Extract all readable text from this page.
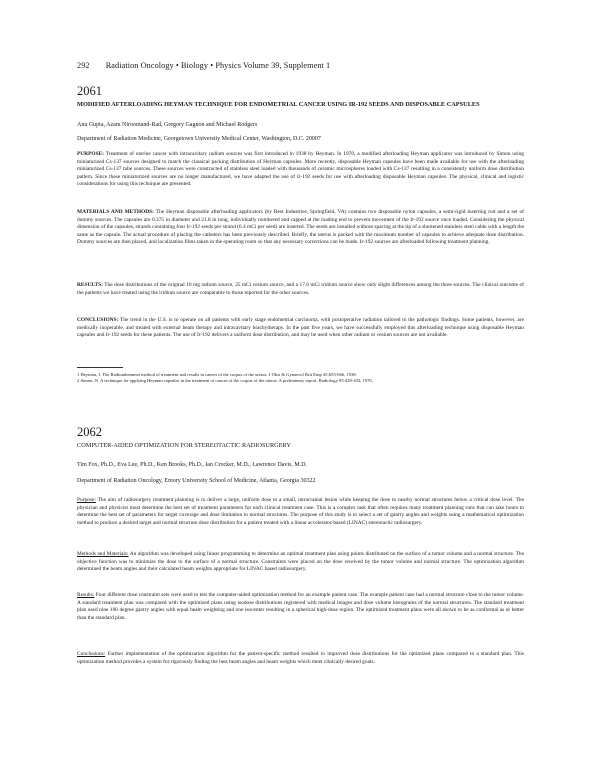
292 Radiation Oncology • Biology • Physics Volume 39, Supplement 1
2061
MODIFIED AFTERLOADING HEYMAN TECHNIQUE FOR ENDOMETRIAL CANCER USING IR-192 SEEDS AND DISPOSABLE CAPSULES
Anu Gupta, Azam Niroomand-Rad, Gregory Gagnon and Michael Rodgers
Department of Radiation Medicine, Georgetown University Medical Center, Washington, D.C. 20007
PURPOSE: Treatment of uterine cancer with intracavitary radium sources was first introduced in 1938 by Heyman. In 1970, a modified afterloading Heyman applicator was introduced by Simon using miniaturized Cs-137 sources designed to match the classical packing distribution of Heyman capsules. More recently, disposable Heyman capsules have been made available for use with the afterloading miniaturized Cs-137 tube sources. These sources were constructed of stainless steel loaded with thousands of ceramic microspheres loaded with Cs-137 resulting in a consistently uniform dose distribution pattern. Since these miniaturized sources are no longer manufactured, we have adapted the use of Ir-192 seeds for use with afterloading disposable Heyman capsules. The physical, clinical and logistic considerations for using this technique are presented.
MATERIALS AND METHODS: The Heyman disposable afterloading applicators (by Best Industries, Springfield, VA) contains two disposable nylon capsules, a semi-rigid inserting rod and a set of dummy sources. The capsules are 0.375 in diameter and 21.8 in long, individually numbered and capped at the loading end to prevent movement of the Ir-192 source once loaded. Considering the physical dimension of the capsules, strands containing four Ir-192 seeds per strand (6.4 mCi per seed) are inserted. The seeds are installed without spacing at the tip of a shortened stainless steel cable with a length the same as the capsule. The actual procedure of placing the catheters has been previously described. Briefly, the uterus is packed with the maximum number of capsules to achieve adequate dose distribution. Dummy sources are then placed, and localization films taken in the operating room so that any necessary corrections can be made. Ir-192 sources are afterloaded following treatment planning.
RESULTS: The dose distributions of the original 10 mg radium source, 25 mCi cesium source, and a 17.6 mCi iridium source show only slight differences among the three sources. The clinical outcome of the patients we have treated using the iridium source are comparable to those reported for the other sources.
CONCLUSIONS: The trend in the U.S. is to operate on all patients with early stage endometrial carcinoma, with postoperative radiation tailored to the pathologic findings. Some patients, however, are medically inoperable, and treated with external beam therapy and intracavitary brachytherapy. In the past five years, we have successfully employed this afterloading technique using disposable Heyman capsules and Ir-192 seeds for these patients. The use of Ir-192 delivers a uniform dose distribution, and may be used when other radium or cesium sources are not available.

1 Heyman, J. The Radiumhemmet method of treatment and results in cancer of the corpus of the uterus. J Obst & Gynaecol Brit Emp 45:655-666, 1938.

2 Simon, N. A technique for applying Heyman capsules in the treatment of cancer of the corpus of the uterus. A preliminary report. Radiology 95:429-433, 1970.

2062
COMPUTER-AIDED OPTIMIZATION FOR STEREOTACTIC RADIOSURGERY
Tim Fox, Ph.D., Eva Lee, Ph.D., Ken Brooks, Ph.D., Ian Crocker, M.D., Lawrence Davis, M.D.
Department of Radiation Oncology, Emory University School of Medicine, Atlanta, Georgia 30322
Purpose: The aim of radiosurgery treatment planning is to deliver a large, uniform dose to a small, intracranial lesion while keeping the dose to nearby normal structures below a critical dose level. The physician and physicist must determine the best set of treatment parameters for each clinical treatment case. This is a complex task that often requires many treatment planning runs that can take hours to determine the best set of parameters for target coverage and dose limitation to normal structures. The purpose of this study is to select a set of gantry angles and weights using a mathematical optimization method to produce a desired target and normal structure dose distribution for a patient treated with a linear accelerator-based (LINAC) stereotactic radiosurgery.
Methods and Materials: An algorithm was developed using linear programming to determine an optimal treatment plan using points distributed on the surface of a tumor volume and a normal structure. The objective function was to minimize the dose to the surface of a normal structure. Constraints were placed on the dose received by the tumor volume and normal structure. The optimization algorithm determined the beam angles and their calculated beam weights appropriate for LINAC based radiosurgery.
Results: Four different dose constraint sets were used to test the computer-aided optimization method for an example patient case. The example patient case had a normal structure close to the tumor volume. A standard treatment plan was compared with the optimized plans using isodose distributions registered with medical images and dose volume histograms of the normal structures. The standard treatment plan used nine 100 degree gantry angles with equal beam weighting and one isocenter resulting in a spherical high-dose region. The optimized treatment plans were all shown to be as conformal as or better than the standard plan.
Conclusions: Further implementation of the optimization algorithm for the patient-specific method resulted in improved dose distributions for the optimized plans compared to a standard plan. This optimization method provides a system for rigorously finding the best beam angles and beam weights which meet clinically desired goals.
